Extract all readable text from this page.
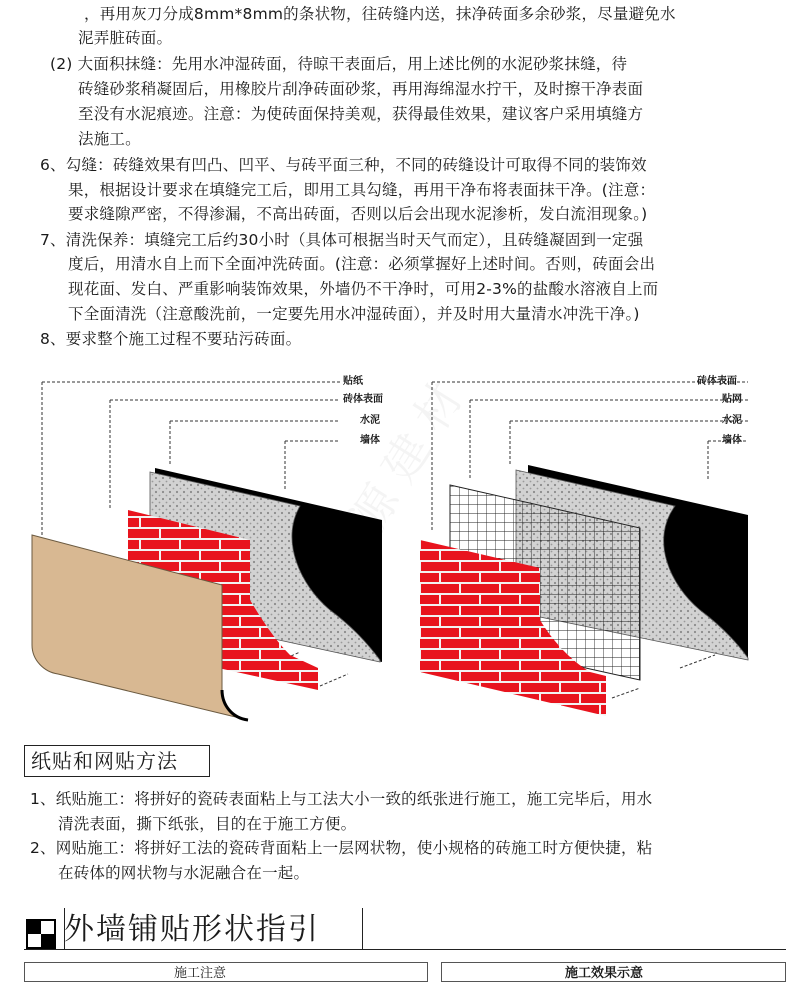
，再用灰刀分成8mm*8mm的条状物，往砖缝内送，抹净砖面多余砂浆，尽量避免水
泥弄脏砖面。
(2) 大面积抹缝：先用水冲湿砖面，待晾干表面后，用上述比例的水泥砂浆抹缝，待
砖缝砂浆稍凝固后，用橡胶片刮净砖面砂浆，再用海绵湿水拧干，及时擦干净表面
至没有水泥痕迹。注意：为使砖面保持美观，获得最佳效果，建议客户采用填缝方
法施工。
6、勾缝：砖缝效果有凹凸、凹平、与砖平面三种，不同的砖缝设计可取得不同的装饰效
果，根据设计要求在填缝完工后，即用工具勾缝，再用干净布将表面抹干净。(注意：
要求缝隙严密，不得渗漏，不高出砖面，否则以后会出现水泥渗析，发白流泪现象。)
7、清洗保养：填缝完工后约30小时（具体可根据当时天气而定），且砖缝凝固到一定强
度后，用清水自上而下全面冲洗砖面。(注意：必须掌握好上述时间。否则，砖面会出
现花面、发白、严重影响装饰效果，外墙仍不干净时，可用2-3%的盐酸水溶液自上而
下全面清洗（注意酸洗前，一定要先用水冲湿砖面），并及时用大量清水冲洗干净。)
8、要求整个施工过程不要玷污砖面。
贴纸
砖体表面
水泥
墙体
砖体表面
贴网
水泥
墙体
纸贴和网贴方法
1、纸贴施工：将拼好的瓷砖表面粘上与工法大小一致的纸张进行施工，施工完毕后，用水
清洗表面，撕下纸张，目的在于施工方便。
2、网贴施工：将拼好工法的瓷砖背面粘上一层网状物，使小规格的砖施工时方便快捷，粘
在砖体的网状物与水泥融合在一起。
外墙铺贴形状指引
施工注意	施工效果示意
